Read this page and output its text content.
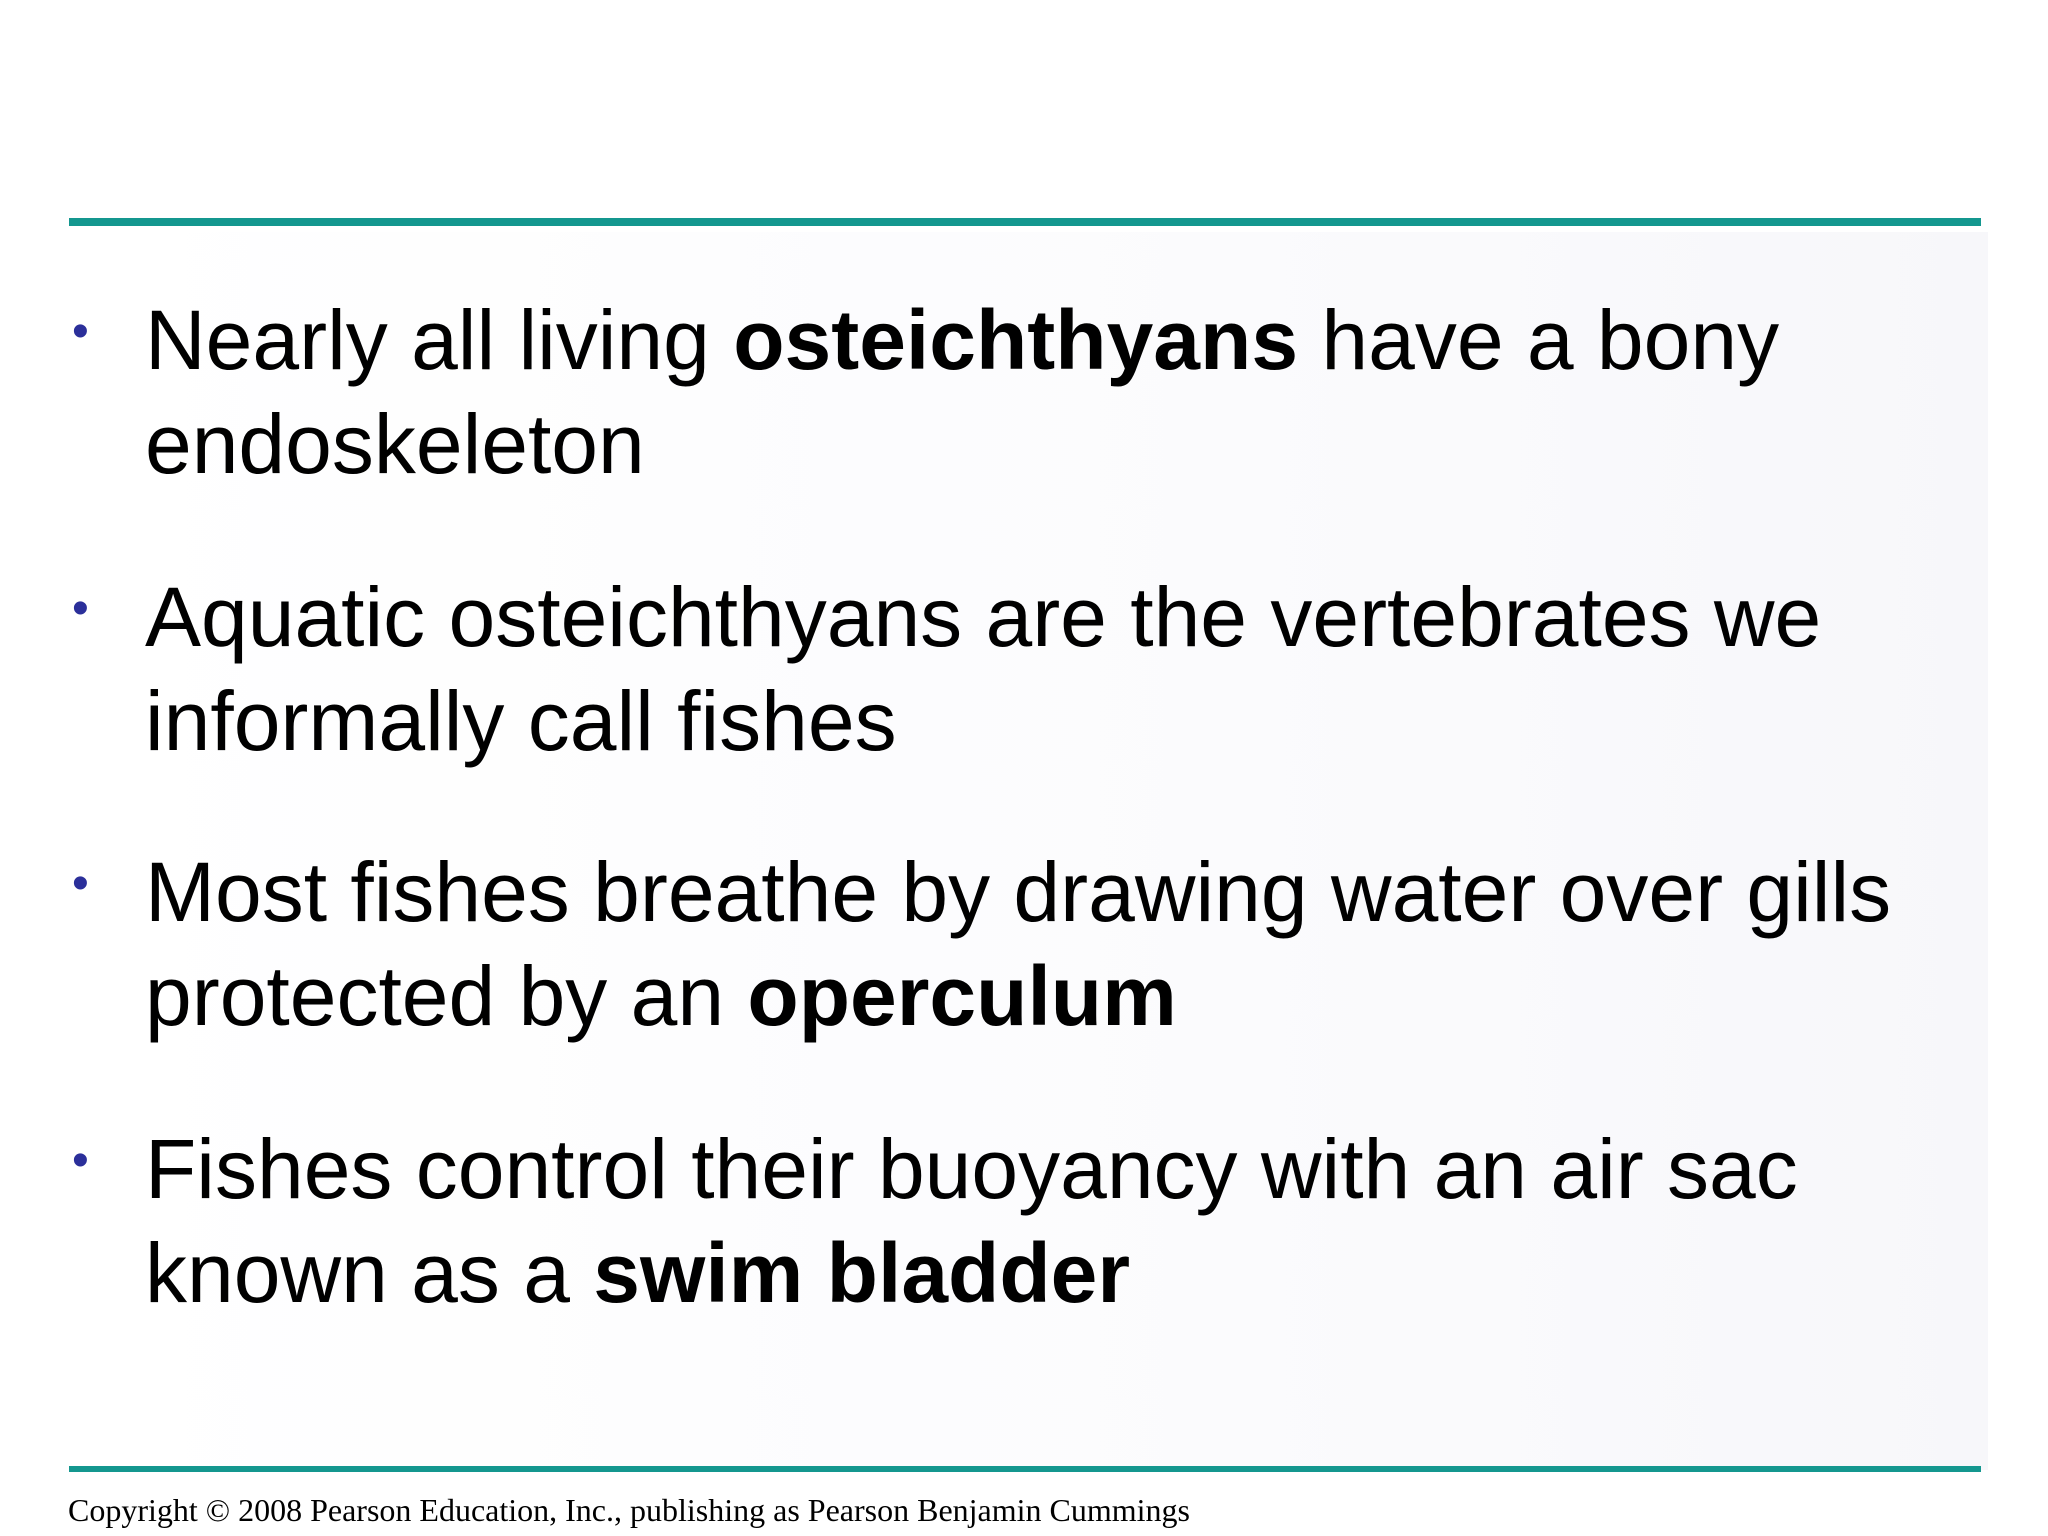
• Nearly all living osteichthyans have a bony endoskeleton
• Aquatic osteichthyans are the vertebrates we informally call fishes
• Most fishes breathe by drawing water over gills protected by an operculum
• Fishes control their buoyancy with an air sac known as a swim bladder
Copyright © 2008 Pearson Education, Inc., publishing as Pearson Benjamin Cummings
